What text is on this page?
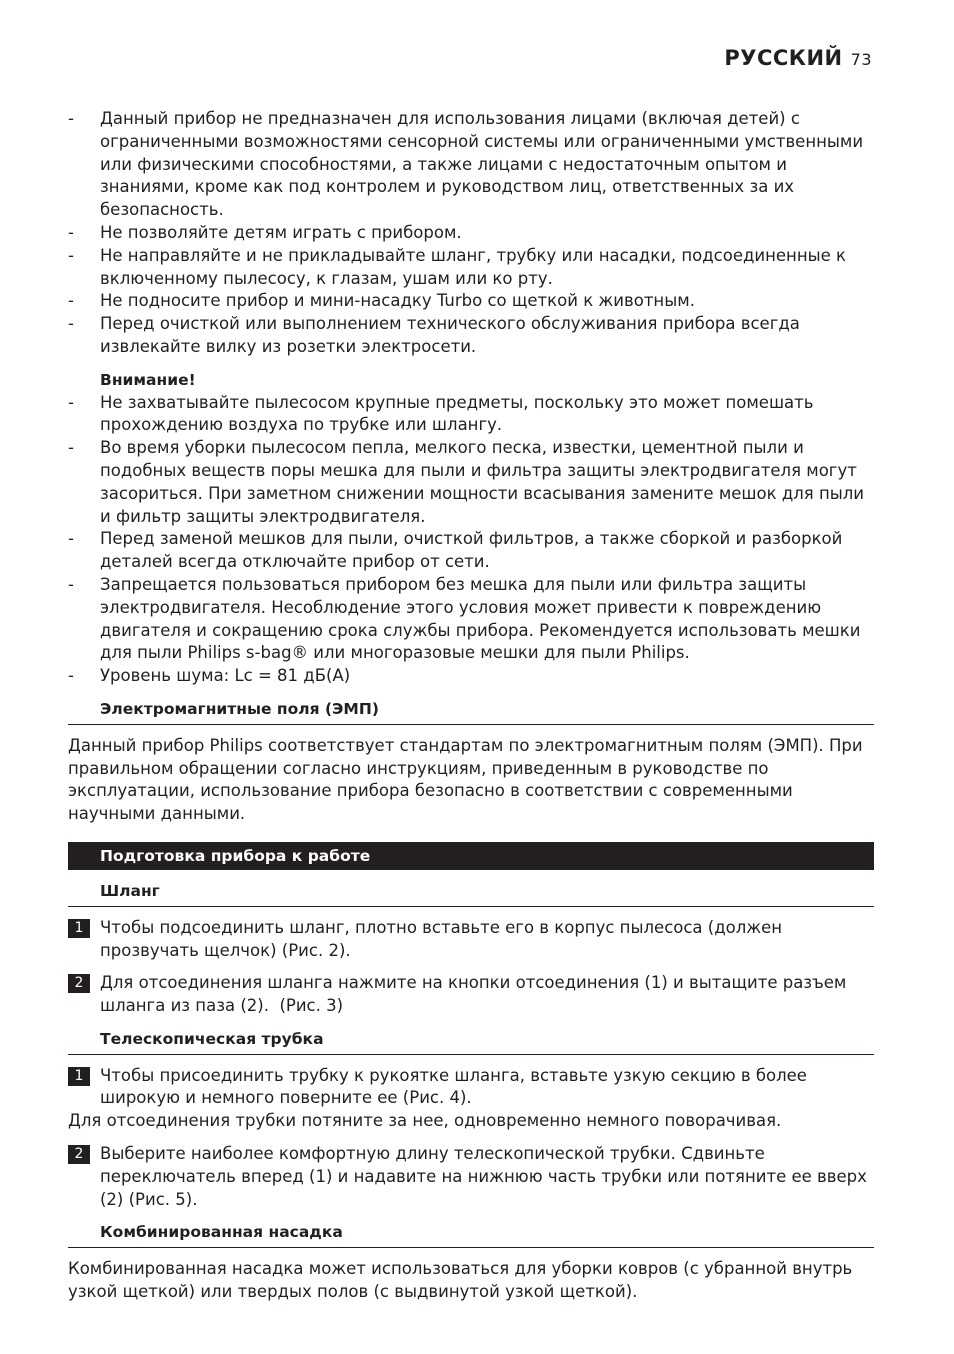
РУССКИЙ 73
- Данный прибор не предназначен для использования лицами (включая детей) с ограниченными возможностями сенсорной системы или ограниченными умственными или физическими способностями, а также лицами с недостаточным опытом и знаниями, кроме как под контролем и руководством лиц, ответственных за их безопасность.
- Не позволяйте детям играть с прибором.
- Не направляйте и не прикладывайте шланг, трубку или насадки, подсоединенные к включенному пылесосу, к глазам, ушам или ко рту.
- Не подносите прибор и мини-насадку Turbo со щеткой к животным.
- Перед очисткой или выполнением технического обслуживания прибора всегда извлекайте вилку из розетки электросети.
Внимание!
- Не захватывайте пылесосом крупные предметы, поскольку это может помешать прохождению воздуха по трубке или шлангу.
- Во время уборки пылесосом пепла, мелкого песка, известки, цементной пыли и подобных веществ поры мешка для пыли и фильтра защиты электродвигателя могут засориться. При заметном снижении мощности всасывания замените мешок для пыли и фильтр защиты электродвигателя.
- Перед заменой мешков для пыли, очисткой фильтров, а также сборкой и разборкой деталей всегда отключайте прибор от сети.
- Запрещается пользоваться прибором без мешка для пыли или фильтра защиты электродвигателя. Несоблюдение этого условия может привести к повреждению двигателя и сокращению срока службы прибора. Рекомендуется использовать мешки для пыли Philips s-bag® или многоразовые мешки для пыли Philips.
- Уровень шума: Lc = 81 дБ(A)
Электромагнитные поля (ЭМП)
Данный прибор Philips соответствует стандартам по электромагнитным полям (ЭМП). При правильном обращении согласно инструкциям, приведенным в руководстве по эксплуатации, использование прибора безопасно в соответствии с современными научными данными.
Подготовка прибора к работе
Шланг
1	Чтобы подсоединить шланг, плотно вставьте его в корпус пылесоса (должен прозвучать щелчок) (Рис. 2).
2	Для отсоединения шланга нажмите на кнопки отсоединения (1) и вытащите разъем шланга из паза (2).  (Рис. 3)
Телескопическая трубка
1	Чтобы присоединить трубку к рукоятке шланга, вставьте узкую секцию в более широкую и немного поверните ее (Рис. 4).
Для отсоединения трубки потяните за нее, одновременно немного поворачивая.
2	Выберите наиболее комфортную длину телескопической трубки. Сдвиньте переключатель вперед (1) и надавите на нижнюю часть трубки или потяните ее вверх (2) (Рис. 5).
Комбинированная насадка
Комбинированная насадка может использоваться для уборки ковров (с убранной внутрь узкой щеткой) или твердых полов (с выдвинутой узкой щеткой).
